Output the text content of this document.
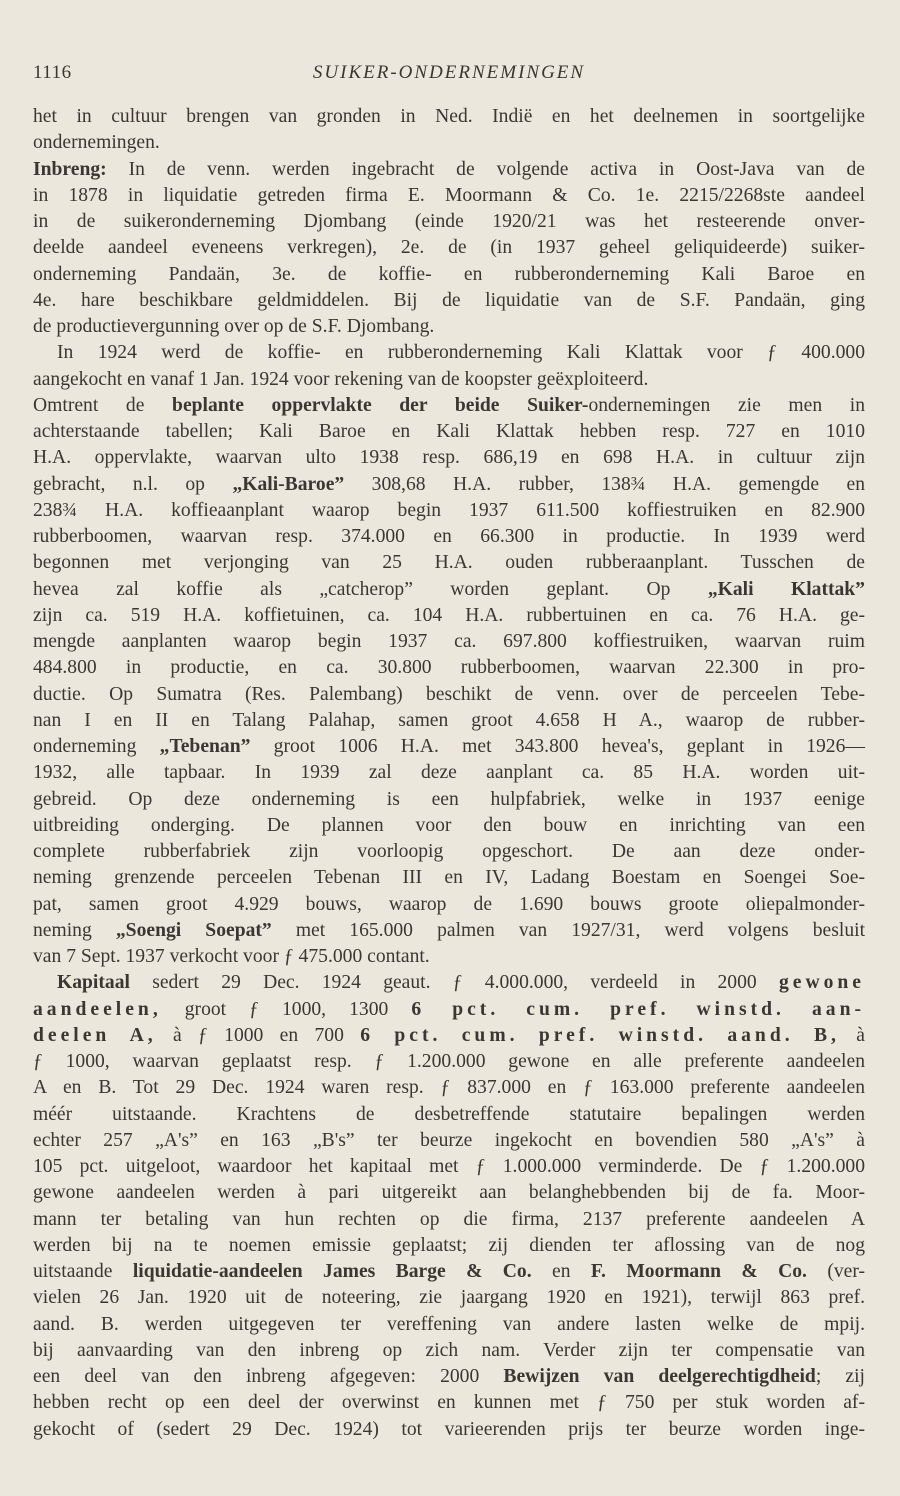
1116	SUIKER-ONDERNEMINGEN
het in cultuur brengen van gronden in Ned. Indië en het deelnemen in soortgelijke
ondernemingen.
Inbreng: In de venn. werden ingebracht de volgende activa in Oost-Java van de
in 1878 in liquidatie getreden firma E. Moormann & Co. 1e. 2215/2268ste aandeel
in de suikeronderneming Djombang (einde 1920/21 was het resteerende onver-
deelde aandeel eveneens verkregen), 2e. de (in 1937 geheel geliquideerde) suiker-
onderneming Pandaän, 3e. de koffie- en rubberonderneming Kali Baroe en
4e. hare beschikbare geldmiddelen. Bij de liquidatie van de S.F. Pandaän, ging
de productievergunning over op de S.F. Djombang.
In 1924 werd de koffie- en rubberonderneming Kali Klattak voor ƒ 400.000
aangekocht en vanaf 1 Jan. 1924 voor rekening van de koopster geëxploiteerd.
Omtrent de beplante oppervlakte der beide Suiker-ondernemingen zie men in
achterstaande tabellen; Kali Baroe en Kali Klattak hebben resp. 727 en 1010
H.A. oppervlakte, waarvan ulto 1938 resp. 686,19 en 698 H.A. in cultuur zijn
gebracht, n.l. op „Kali-Baroe” 308,68 H.A. rubber, 138¾ H.A. gemengde en
238¾ H.A. koffieaanplant waarop begin 1937 611.500 koffiestruiken en 82.900
rubberboomen, waarvan resp. 374.000 en 66.300 in productie. In 1939 werd
begonnen met verjonging van 25 H.A. ouden rubberaanplant. Tusschen de
hevea zal koffie als „catcherop” worden geplant. Op „Kali Klattak”
zijn ca. 519 H.A. koffietuinen, ca. 104 H.A. rubbertuinen en ca. 76 H.A. ge-
mengde aanplanten waarop begin 1937 ca. 697.800 koffiestruiken, waarvan ruim
484.800 in productie, en ca. 30.800 rubberboomen, waarvan 22.300 in pro-
ductie. Op Sumatra (Res. Palembang) beschikt de venn. over de perceelen Tebe-
nan I en II en Talang Palahap, samen groot 4.658 H A., waarop de rubber-
onderneming „Tebenan” groot 1006 H.A. met 343.800 hevea's, geplant in 1926—
1932, alle tapbaar. In 1939 zal deze aanplant ca. 85 H.A. worden uit-
gebreid. Op deze onderneming is een hulpfabriek, welke in 1937 eenige
uitbreiding onderging. De plannen voor den bouw en inrichting van een
complete rubberfabriek zijn voorloopig opgeschort. De aan deze onder-
neming grenzende perceelen Tebenan III en IV, Ladang Boestam en Soengei Soe-
pat, samen groot 4.929 bouws, waarop de 1.690 bouws groote oliepalmonder-
neming „Soengi Soepat” met 165.000 palmen van 1927/31, werd volgens besluit
van 7 Sept. 1937 verkocht voor ƒ 475.000 contant.
Kapitaal sedert 29 Dec. 1924 geaut. ƒ 4.000.000, verdeeld in 2000 gewone
aandeelen, groot ƒ 1000, 1300 6 pct. cum. pref. winstd. aan-
deelen A, à ƒ 1000 en 700 6 pct. cum. pref. winstd. aand. B, à
ƒ 1000, waarvan geplaatst resp. ƒ 1.200.000 gewone en alle preferente aandeelen
A en B. Tot 29 Dec. 1924 waren resp. ƒ 837.000 en ƒ 163.000 preferente aandeelen
méér uitstaande. Krachtens de desbetreffende statutaire bepalingen werden
echter 257 „A's” en 163 „B's” ter beurze ingekocht en bovendien 580 „A's” à
105 pct. uitgeloot, waardoor het kapitaal met ƒ 1.000.000 verminderde. De ƒ 1.200.000
gewone aandeelen werden à pari uitgereikt aan belanghebbenden bij de fa. Moor-
mann ter betaling van hun rechten op die firma, 2137 preferente aandeelen A
werden bij na te noemen emissie geplaatst; zij dienden ter aflossing van de nog
uitstaande liquidatie-aandeelen James Barge & Co. en F. Moormann & Co. (ver-
vielen 26 Jan. 1920 uit de noteering, zie jaargang 1920 en 1921), terwijl 863 pref.
aand. B. werden uitgegeven ter vereffening van andere lasten welke de mpij.
bij aanvaarding van den inbreng op zich nam. Verder zijn ter compensatie van
een deel van den inbreng afgegeven: 2000 Bewijzen van deelgerechtigdheid; zij
hebben recht op een deel der overwinst en kunnen met ƒ 750 per stuk worden af-
gekocht of (sedert 29 Dec. 1924) tot varieerenden prijs ter beurze worden inge-
